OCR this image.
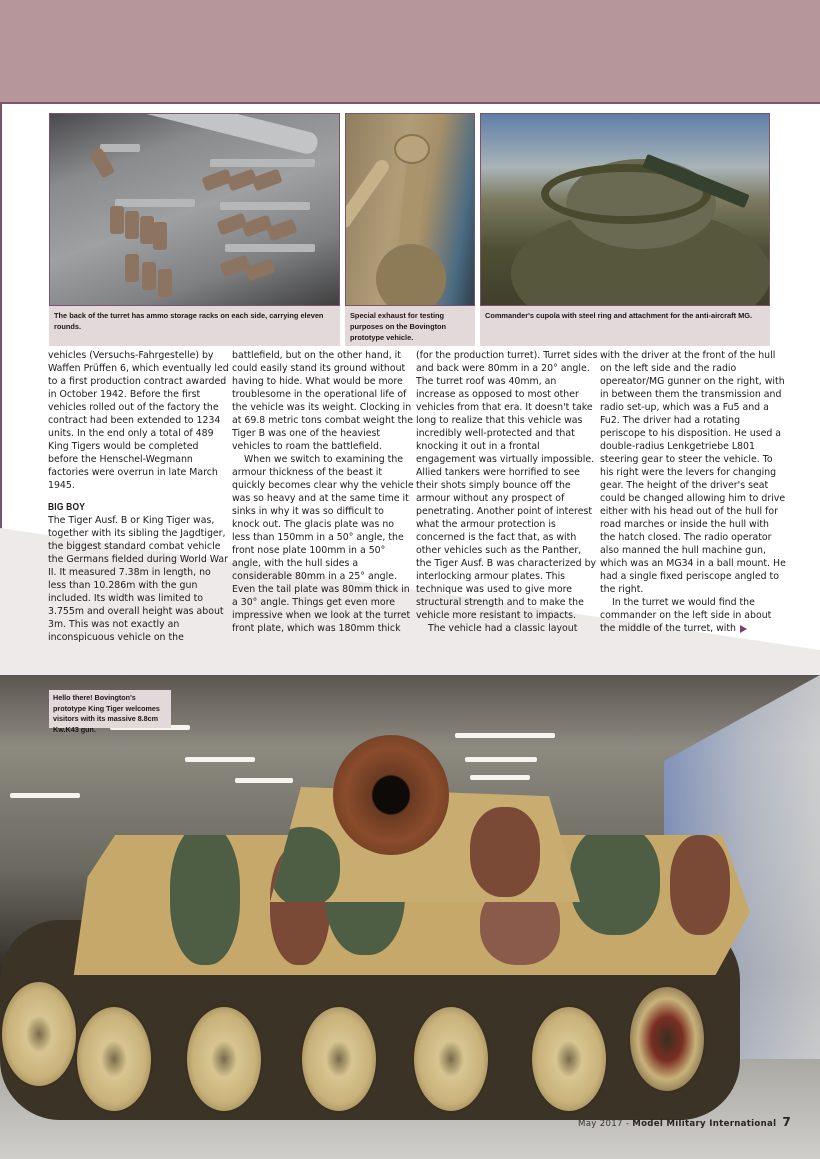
The back of the turret has ammo storage racks on each side, carrying eleven rounds.
Special exhaust for testing purposes on the Bovington prototype vehicle.
Commander's cupola with steel ring and attachment for the anti-aircraft MG.

vehicles (Versuchs-Fahrgestelle) by Waffen Prüffen 6, which eventually led to a first production contract awarded in October 1942. Before the first vehicles rolled out of the factory the contract had been extended to 1234 units. In the end only a total of 489 King Tigers would be completed before the Henschel-Wegmann factories were overrun in late March 1945.

BIG BOY

The Tiger Ausf. B or King Tiger was, together with its sibling the Jagdtiger, the biggest standard combat vehicle the Germans fielded during World War II. It measured 7.38m in length, no less than 10.286m with the gun included. Its width was limited to 3.755m and overall height was about 3m. This was not exactly an inconspicuous vehicle on the

battlefield, but on the other hand, it could easily stand its ground without having to hide. What would be more troublesome in the operational life of the vehicle was its weight. Clocking in at 69.8 metric tons combat weight the Tiger B was one of the heaviest vehicles to roam the battlefield.

When we switch to examining the armour thickness of the beast it quickly becomes clear why the vehicle was so heavy and at the same time it sinks in why it was so difficult to knock out. The glacis plate was no less than 150mm in a 50° angle, the front nose plate 100mm in a 50° angle, with the hull sides a considerable 80mm in a 25° angle. Even the tail plate was 80mm thick in a 30° angle. Things get even more impressive when we look at the turret front plate, which was 180mm thick

(for the production turret). Turret sides and back were 80mm in a 20° angle. The turret roof was 40mm, an increase as opposed to most other vehicles from that era. It doesn't take long to realize that this vehicle was incredibly well-protected and that knocking it out in a frontal engagement was virtually impossible. Allied tankers were horrified to see their shots simply bounce off the armour without any prospect of penetrating. Another point of interest what the armour protection is concerned is the fact that, as with other vehicles such as the Panther, the Tiger Ausf. B was characterized by interlocking armour plates. This technique was used to give more structural strength and to make the vehicle more resistant to impacts.

The vehicle had a classic layout

with the driver at the front of the hull on the left side and the radio opereator/MG gunner on the right, with in between them the transmission and radio set-up, which was a Fu5 and a Fu2. The driver had a rotating periscope to his disposition. He used a double-radius Lenkgetriebe L801 steering gear to steer the vehicle. To his right were the levers for changing gear. The height of the driver's seat could be changed allowing him to drive either with his head out of the hull for road marches or inside the hull with the hatch closed. The radio operator also manned the hull machine gun, which was an MG34 in a ball mount. He had a single fixed periscope angled to the right.

In the turret we would find the commander on the left side in about the middle of the turret, with

Hello there! Bovington's prototype King Tiger welcomes visitors with its massive 8.8cm Kw.K43 gun.
May 2017 - Model Military International 7
